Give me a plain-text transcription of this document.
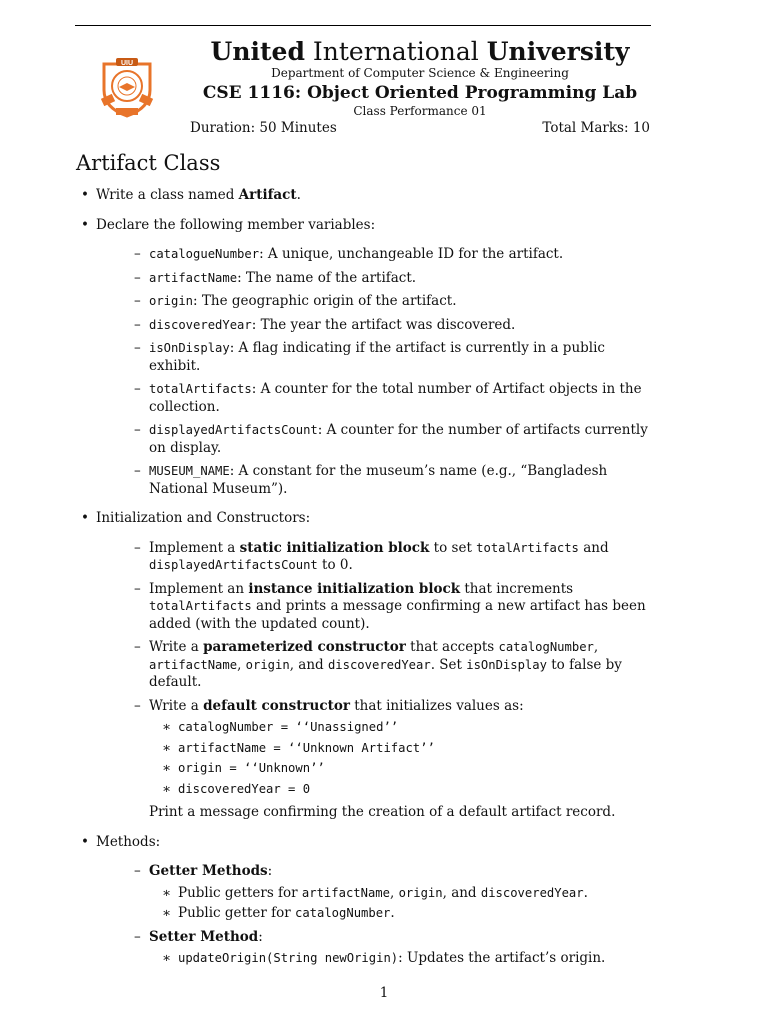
UIU	United International University
Department of Computer Science & Engineering
CSE 1116: Object Oriented Programming Lab
Class Performance 01
Duration: 50 Minutes	Total Marks: 10
Artifact Class
• Write a class named Artifact.
• Declare the following member variables:
– catalogueNumber: A unique, unchangeable ID for the artifact.
– artifactName: The name of the artifact.
– origin: The geographic origin of the artifact.
– discoveredYear: The year the artifact was discovered.
– isOnDisplay: A flag indicating if the artifact is currently in a public exhibit.
– totalArtifacts: A counter for the total number of Artifact objects in the collection.
– displayedArtifactsCount: A counter for the number of artifacts currently on display.
– MUSEUM_NAME: A constant for the museum’s name (e.g., “Bangladesh National Museum”).
• Initialization and Constructors:
– Implement a static initialization block to set totalArtifacts and displayedArtifactsCount to 0.
– Implement an instance initialization block that increments totalArtifacts and prints a message confirming a new artifact has been added (with the updated count).
– Write a parameterized constructor that accepts catalogNumber, artifactName, origin, and discoveredYear. Set isOnDisplay to false by default.
– Write a default constructor that initializes values as:
∗ catalogNumber = ‘‘Unassigned’’
∗ artifactName = ‘‘Unknown Artifact’’
∗ origin = ‘‘Unknown’’
∗ discoveredYear = 0
Print a message confirming the creation of a default artifact record.
• Methods:
– Getter Methods:
∗ Public getters for artifactName, origin, and discoveredYear.
∗ Public getter for catalogNumber.
– Setter Method:
∗ updateOrigin(String newOrigin): Updates the artifact’s origin.
1
